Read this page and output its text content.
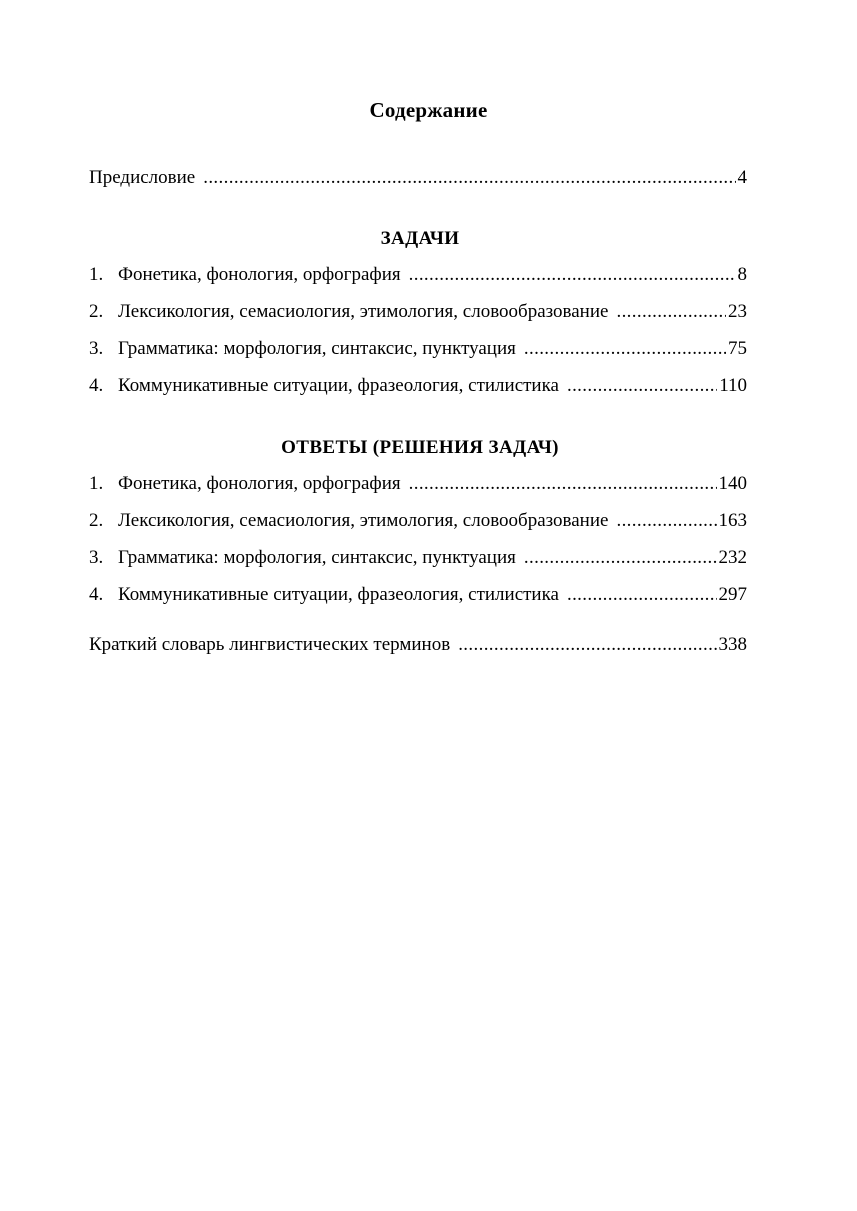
Содержание
Предисловие .....	4
ЗАДАЧИ
1. Фонетика, фонология, орфография .....	8
2. Лексикология, семасиология, этимология, словообразование .....	23
3. Грамматика: морфология, синтаксис, пунктуация .....	75
4. Коммуникативные ситуации, фразеология, стилистика .....	110
ОТВЕТЫ (РЕШЕНИЯ ЗАДАЧ)
1. Фонетика, фонология, орфография .....	140
2. Лексикология, семасиология, этимология, словообразование .....	163
3. Грамматика: морфология, синтаксис, пунктуация .....	232
4. Коммуникативные ситуации, фразеология, стилистика .....	297
Краткий словарь лингвистических терминов .....	338
